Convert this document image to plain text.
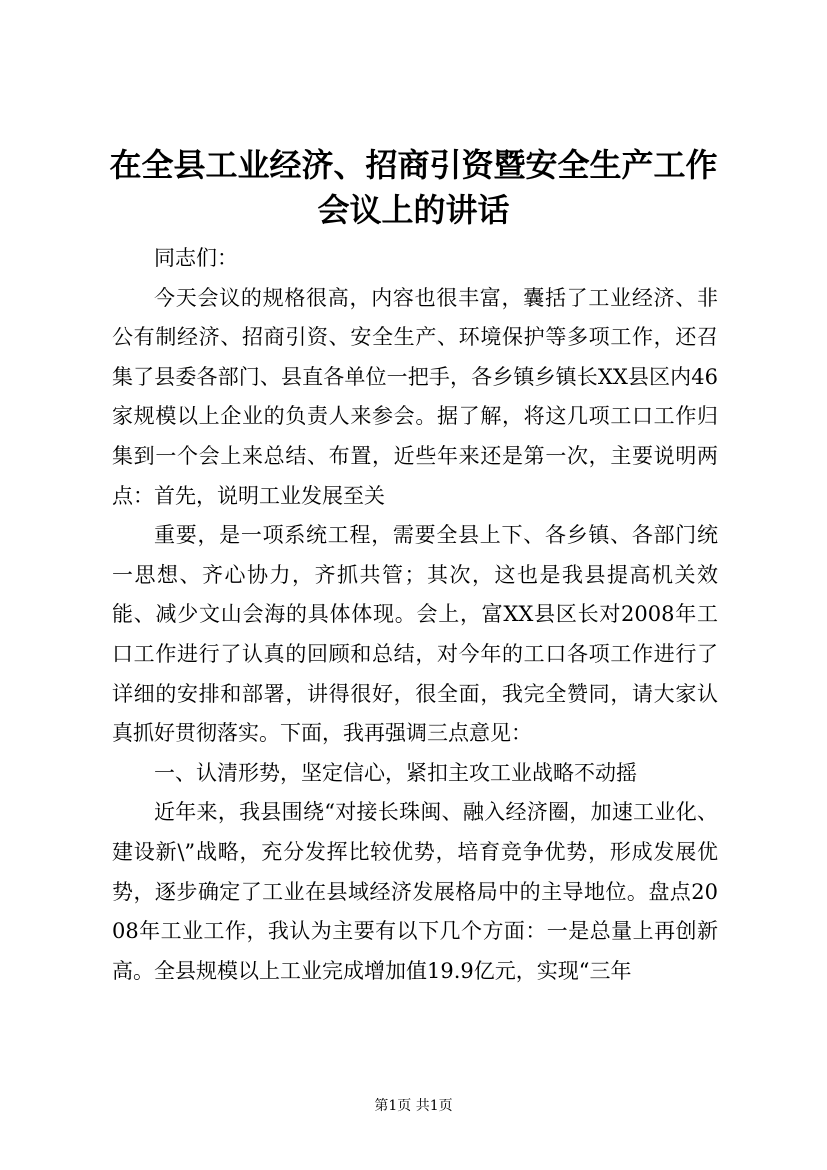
在全县工业经济、招商引资暨安全生产工作会议上的讲话

同志们：

今天会议的规格很高，内容也很丰富，囊括了工业经济、非公有制经济、招商引资、安全生产、环境保护等多项工作，还召集了县委各部门、县直各单位一把手，各乡镇乡镇长XX县区内46家规模以上企业的负责人来参会。据了解，将这几项工口工作归集到一个会上来总结、布置，近些年来还是第一次，主要说明两点：首先，说明工业发展至关

重要，是一项系统工程，需要全县上下、各乡镇、各部门统一思想、齐心协力，齐抓共管；其次，这也是我县提高机关效能、减少文山会海的具体体现。会上，富XX县区长对2008年工口工作进行了认真的回顾和总结，对今年的工口各项工作进行了详细的安排和部署，讲得很好，很全面，我完全赞同，请大家认真抓好贯彻落实。下面，我再强调三点意见：

一、认清形势，坚定信心，紧扣主攻工业战略不动摇

近年来，我县围绕“对接长珠闽、融入经济圈，加速工业化、建设新\”战略，充分发挥比较优势，培育竞争优势，形成发展优势，逐步确定了工业在县域经济发展格局中的主导地位。盘点2008年工业工作，我认为主要有以下几个方面：一是总量上再创新高。全县规模以上工业完成增加值19.9亿元，实现“三年

第1页 共1页
